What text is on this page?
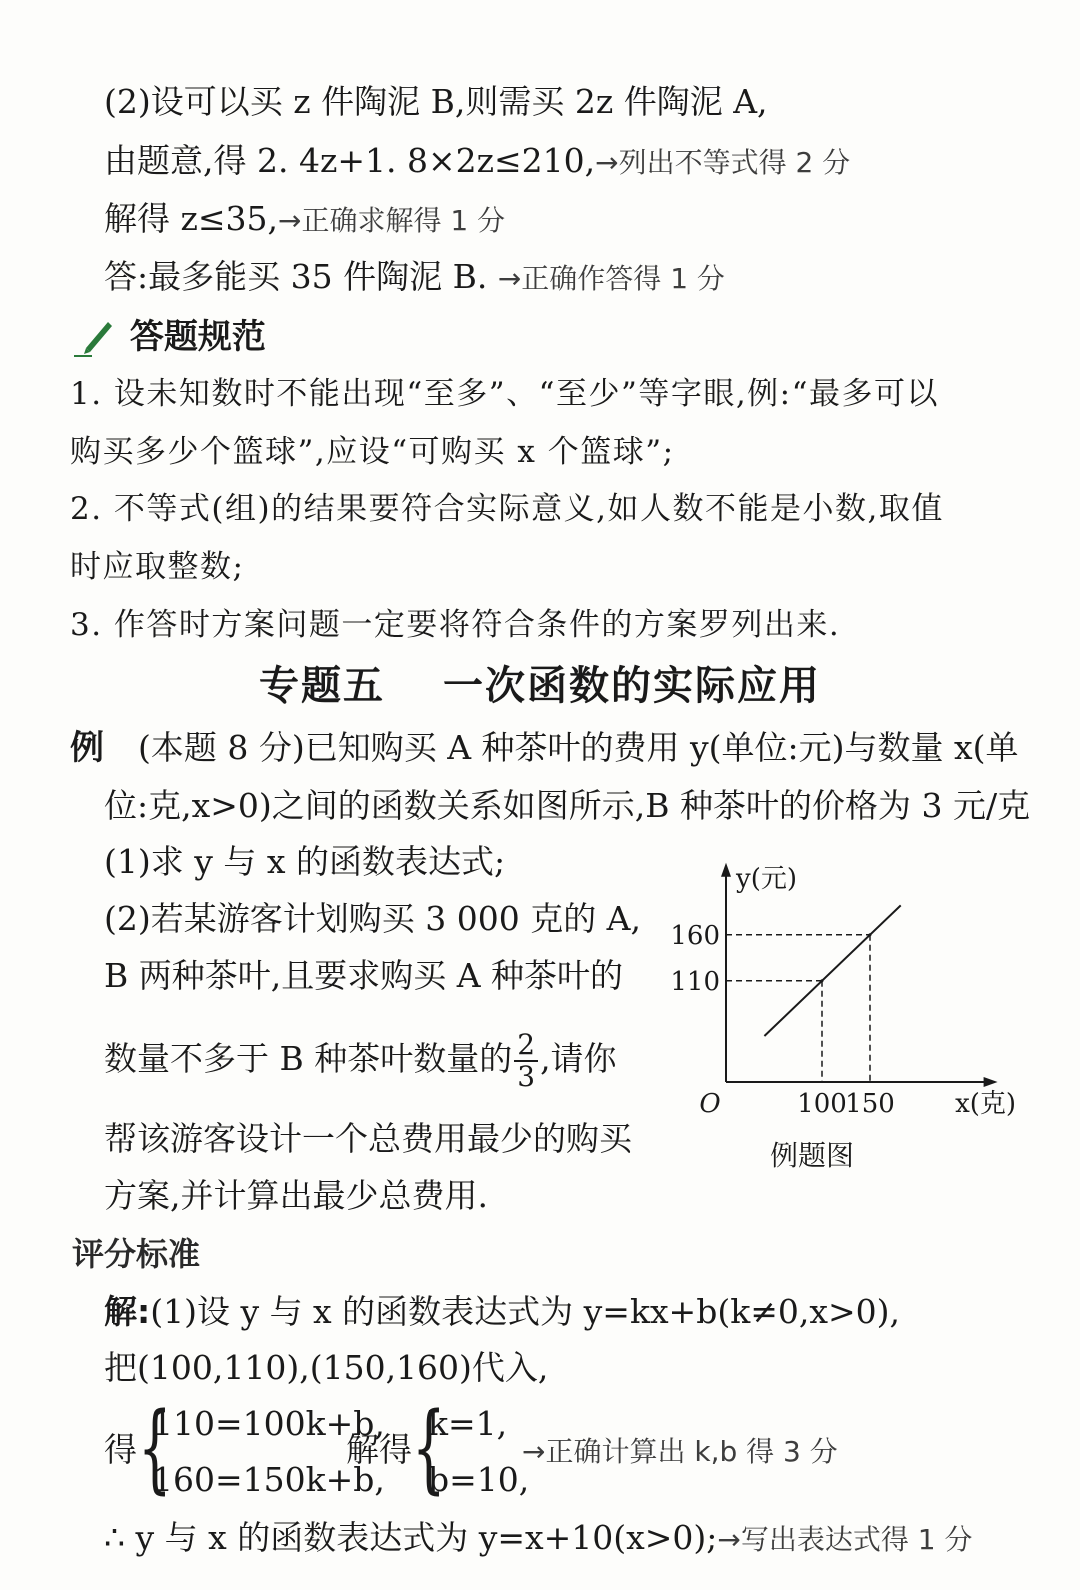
(2)设可以买 z 件陶泥 B,则需买 2z 件陶泥 A,
由题意,得 2. 4z+1. 8×2z≤210,→列出不等式得 2 分
解得 z≤35,→正确求解得 1 分
答:最多能买 35 件陶泥 B. →正确作答得 1 分
答题规范
1. 设未知数时不能出现“至多”、“至少”等字眼,例:“最多可以
购买多少个篮球”,应设“可购买 x 个篮球”;
2. 不等式(组)的结果要符合实际意义,如人数不能是小数,取值
时应取整数;
3. 作答时方案问题一定要将符合条件的方案罗列出来.
专题五　 一次函数的实际应用
例 (本题 8 分)已知购买 A 种茶叶的费用 y(单位:元)与数量 x(单
位:克,x>0)之间的函数关系如图所示,B 种茶叶的价格为 3 元/克
(1)求 y 与 x 的函数表达式;
(2)若某游客计划购买 3 000 克的 A,
B 两种茶叶,且要求购买 A 种茶叶的
数量不多于 B 种茶叶数量的 $\frac{2}{3}$ ,请你
帮该游客设计一个总费用最少的购买
方案,并计算出最少总费用.
110
160
100
150
O
y(元)
x(克)
例题图
评分标准
解:(1)设 y 与 x 的函数表达式为 y=kx+b(k≠0,x>0),
把(100,110),(150,160)代入,
得 {
110=100k+b,
160=150k+b,
解得 {
k=1,
b=10,
→正确计算出 k,b 得 3 分
∴ y 与 x 的函数表达式为 y=x+10(x>0);→写出表达式得 1 分
